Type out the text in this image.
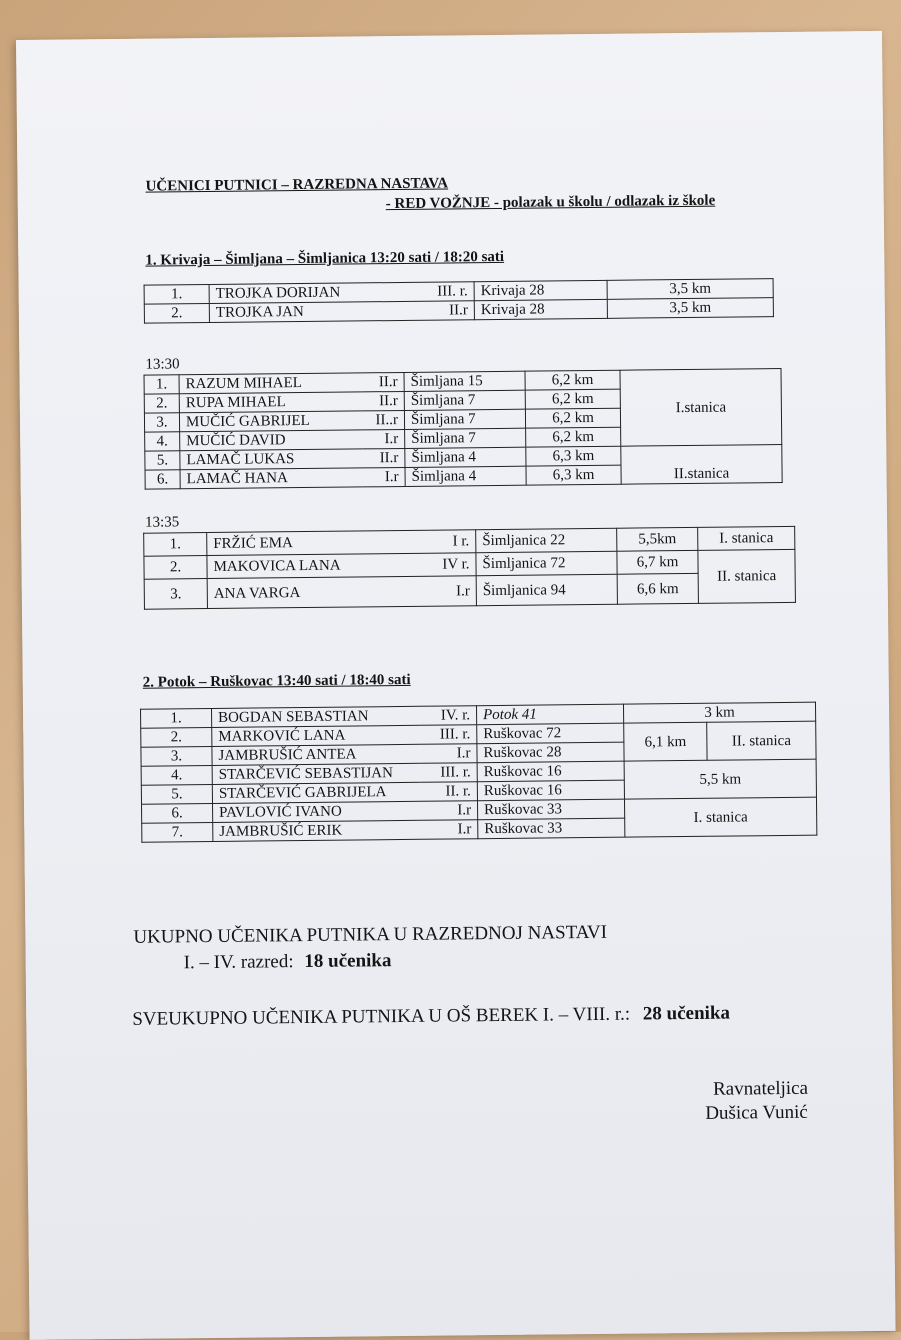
UČENICI PUTNICI – RAZREDNA NASTAVA
- RED VOŽNJE - polazak u školu / odlazak iz škole
1. Krivaja – Šimljana – Šimljanica 13:20 sati / 18:20 sati
1.	TROJKA DORIJAN	III. r.	Krivaja 28	3,5 km
2.	TROJKA JAN	II.r	Krivaja 28	3,5 km
13:30
1.	RAZUM MIHAEL	II.r	Šimljana 15	6,2 km	I.stanica
2.	RUPA MIHAEL	II.r	Šimljana 7	6,2 km	
3.	MUČIĆ GABRIJEL	II..r	Šimljana 7	6,2 km	
4.	MUČIĆ DAVID	I.r	Šimljana 7	6,2 km	
5.	LAMAČ LUKAS	II.r	Šimljana 4	6,3 km	II.stanica
6.	LAMAČ HANA	I.r	Šimljana 4	6,3 km	
13:35
1.	FRŽIĆ EMA	I r.	Šimljanica 22	5,5km	I. stanica
2.	MAKOVICA LANA	IV r.	Šimljanica 72	6,7 km	II. stanica
3.	ANA VARGA	I.r	Šimljanica 94	6,6 km	
2. Potok – Ruškovac 13:40 sati / 18:40 sati
1.	BOGDAN SEBASTIAN	IV. r.	Potok 41	3 km	
2.	MARKOVIĆ LANA	III. r.	Ruškovac 72	6,1 km	II. stanica
3.	JAMBRUŠIĆ ANTEA	I.r	Ruškovac 28		
4.	STARČEVIĆ SEBASTIJAN	III. r.	Ruškovac 16	5,5 km	
5.	STARČEVIĆ GABRIJELA	II. r.	Ruškovac 16		
6.	PAVLOVIĆ IVANO	I.r	Ruškovac 33	I. stanica	
7.	JAMBRUŠIĆ ERIK	I.r	Ruškovac 33		
UKUPNO UČENIKA PUTNIKA U RAZREDNOJ NASTAVI
I. – IV. razred: 18 učenika
SVEUKUPNO UČENIKA PUTNIKA U OŠ BEREK I. – VIII. r.: 28 učenika
Ravnateljica
Dušica Vunić
